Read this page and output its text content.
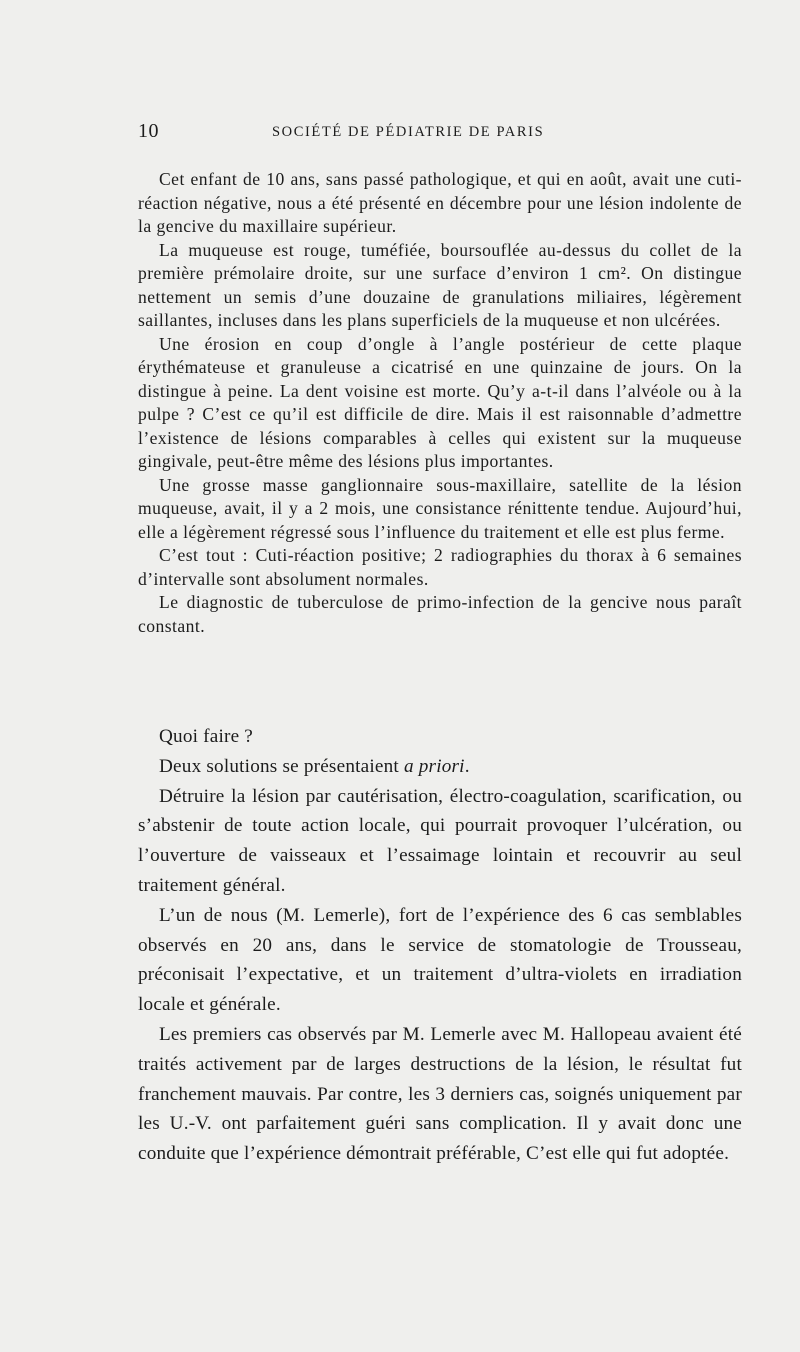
10	SOCIÉTÉ DE PÉDIATRIE DE PARIS

Cet enfant de 10 ans, sans passé pathologique, et qui en août, avait une cuti-réaction négative, nous a été présenté en décembre pour une lésion indolente de la gencive du maxillaire supérieur.

La muqueuse est rouge, tuméfiée, boursouflée au-dessus du collet de la première prémolaire droite, sur une surface d’environ 1 cm². On distingue nettement un semis d’une douzaine de granulations miliaires, légèrement saillantes, incluses dans les plans superficiels de la muqueuse et non ulcérées.

Une érosion en coup d’ongle à l’angle postérieur de cette plaque érythémateuse et granuleuse a cicatrisé en une quinzaine de jours. On la distingue à peine. La dent voisine est morte. Qu’y a-t-il dans l’alvéole ou à la pulpe ? C’est ce qu’il est difficile de dire. Mais il est raisonnable d’admettre l’existence de lésions comparables à celles qui existent sur la muqueuse gingivale, peut-être même des lésions plus importantes.

Une grosse masse ganglionnaire sous-maxillaire, satellite de la lésion muqueuse, avait, il y a 2 mois, une consistance rénittente tendue. Aujourd’hui, elle a légèrement régressé sous l’influence du traitement et elle est plus ferme.

C’est tout : Cuti-réaction positive; 2 radiographies du thorax à 6 semaines d’intervalle sont absolument normales.

Le diagnostic de tuberculose de primo-infection de la gencive nous paraît constant.

Quoi faire ?

Deux solutions se présentaient a priori.

Détruire la lésion par cautérisation, électro-coagulation, scarification, ou s’abstenir de toute action locale, qui pourrait provoquer l’ulcération, ou l’ouverture de vaisseaux et l’essaimage lointain et recouvrir au seul traitement général.

L’un de nous (M. Lemerle), fort de l’expérience des 6 cas semblables observés en 20 ans, dans le service de stomatologie de Trousseau, préconisait l’expectative, et un traitement d’ultra-violets en irradiation locale et générale.

Les premiers cas observés par M. Lemerle avec M. Hallopeau avaient été traités activement par de larges destructions de la lésion, le résultat fut franchement mauvais. Par contre, les 3 derniers cas, soignés uniquement par les U.-V. ont parfaitement guéri sans complication. Il y avait donc une conduite que l’expérience démontrait préférable, C’est elle qui fut adoptée.
